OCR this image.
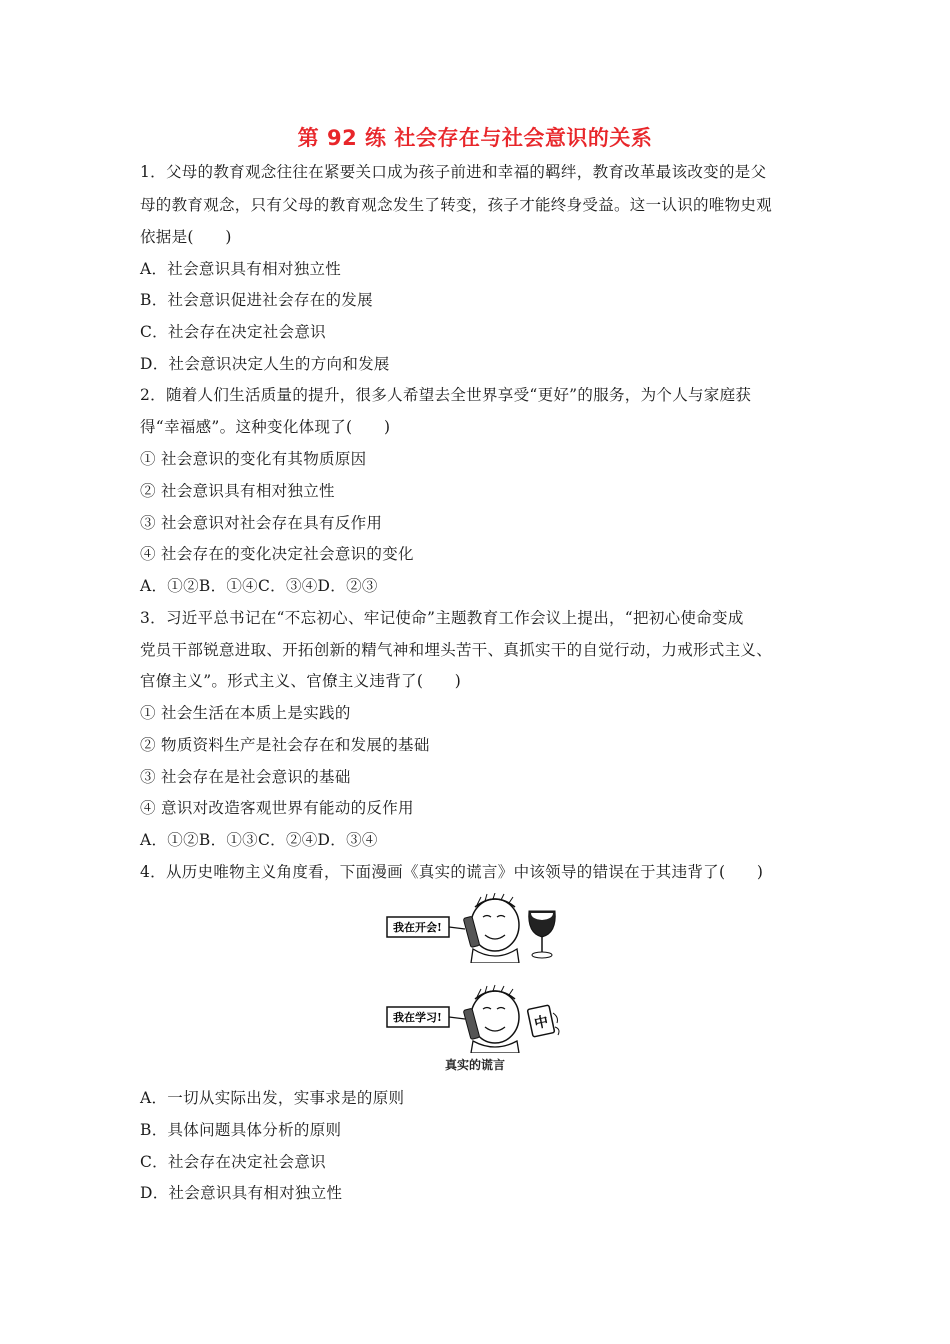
第 92 练 社会存在与社会意识的关系
1．父母的教育观念往往在紧要关口成为孩子前进和幸福的羁绊，教育改革最该改变的是父
母的教育观念，只有父母的教育观念发生了转变，孩子才能终身受益。这一认识的唯物史观
依据是(　　)
A．社会意识具有相对独立性
B．社会意识促进社会存在的发展
C．社会存在决定社会意识
D．社会意识决定人生的方向和发展
2．随着人们生活质量的提升，很多人希望去全世界享受“更好”的服务，为个人与家庭获
得“幸福感”。这种变化体现了(　　)
① 社会意识的变化有其物质原因
② 社会意识具有相对独立性
③ 社会意识对社会存在具有反作用
④ 社会存在的变化决定社会意识的变化
A．①②B．①④C．③④D．②③
3．习近平总书记在“不忘初心、牢记使命”主题教育工作会议上提出，“把初心使命变成
党员干部锐意进取、开拓创新的精气神和埋头苦干、真抓实干的自觉行动，力戒形式主义、
官僚主义”。形式主义、官僚主义违背了(　　)
① 社会生活在本质上是实践的
② 物质资料生产是社会存在和发展的基础
③ 社会存在是社会意识的基础
④ 意识对改造客观世界有能动的反作用
A．①②B．①③C．②④D．③④
4．从历史唯物主义角度看，下面漫画《真实的谎言》中该领导的错误在于其违背了(　　)
我在开会!
我在学习!	中
真实的谎言
A．一切从实际出发，实事求是的原则
B．具体问题具体分析的原则
C．社会存在决定社会意识
D．社会意识具有相对独立性
